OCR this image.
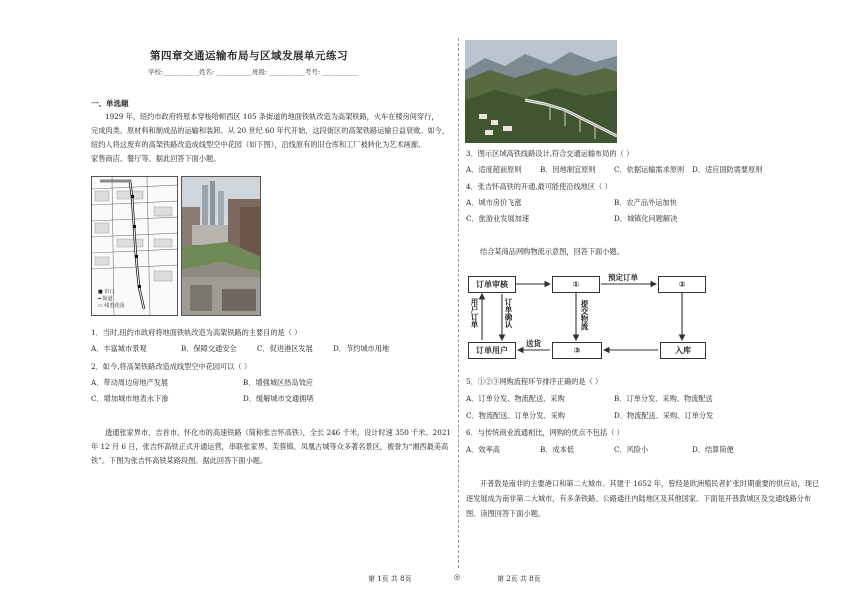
第四章交通运输布局与区域发展单元练习
学校:___________姓名: ___________班级: ___________考号: ___________
一、单选题
1929 年，纽约市政府将原本穿梭哈顿西区 105 条街道的地面铁轨改造为高架铁路，火车在楼房间穿行，
完成肉类、原材料和制成品的运输和装卸。从 20 世纪 60 年代开始，这段街区的高架铁路运输日益衰败。如今，
纽约人将这废弃的高架铁路改造成线型空中花园（如下图），沿线原有的旧仓库和工厂被转化为艺术画廊、
家售商店、餐厅等。据此回答下面小题。
■ 出口
━ 街道
▭ 线型花园
1．当时,纽约市政府将地面铁轨改造为高架铁路的主要目的是（ ）
A．丰富城市景观	B．保障交通安全	C．促进港区发展	D．节约城市用地
2．如今,将高架铁路改造成线型空中花园可以（ ）
A．带动周边房地产发展	B．增强城区热岛效应
C．增加城市地表水下渗	D．缓解城市交通拥堵
透通张家界市、吉首市、怀化市的高速铁路（简称张吉怀高铁），全长 246 千米，设计时速 350 千米。2021
年 12 月 6 日，张吉怀高铁正式开通运营，串联张家界、芙蓉镇、凤凰古城等众多著名景区，被誉为“湘西最美高
铁”。下图为张吉怀高铁某路段图。据此回答下面小题。
3．图示区域高铁线路设计,符合交通运输布局的（ ）
A．适度超前原则	B．因地制宜原则	C．依据运输需求原则 D．适应国防需要原则
4．张吉怀高铁的开通,最可能使沿线地区（ ）
A．城市房价飞涨	B．农产品外运加快
C．旅游业发展加速	D．城镇化问题解决
结合某商品网购物流示意图，回答下面小题。
订单审核	①	②
订单用户	③	入库
预定订单
用户订单	订单确认	提交物流
送货
5．①②③网购流程环节排序正确的是（ ）
A．订单分发、物流配送、采购	B．订单分发、采购、物流配送
C．物流配送、订单分发、采购	D．物流配送、采购、订单分发
6．与传统商业流通相比，网购的优点不包括（ ）
A．效率高	B．成本低	C．风险小	D．结算简便
开普敦是南非的主要港口和第二大城市。其建于 1652 年，曾经是欧洲殖民者扩张时期重要的供应站，现已
逐发展成为南非第二大城市，有多条铁路、公路通往内陆地区及其他国家。下面是开普敦城区及交通线路分布
图。读图回答下面小题。
第 1页 共 8页	◎	第 2页 共 8页
